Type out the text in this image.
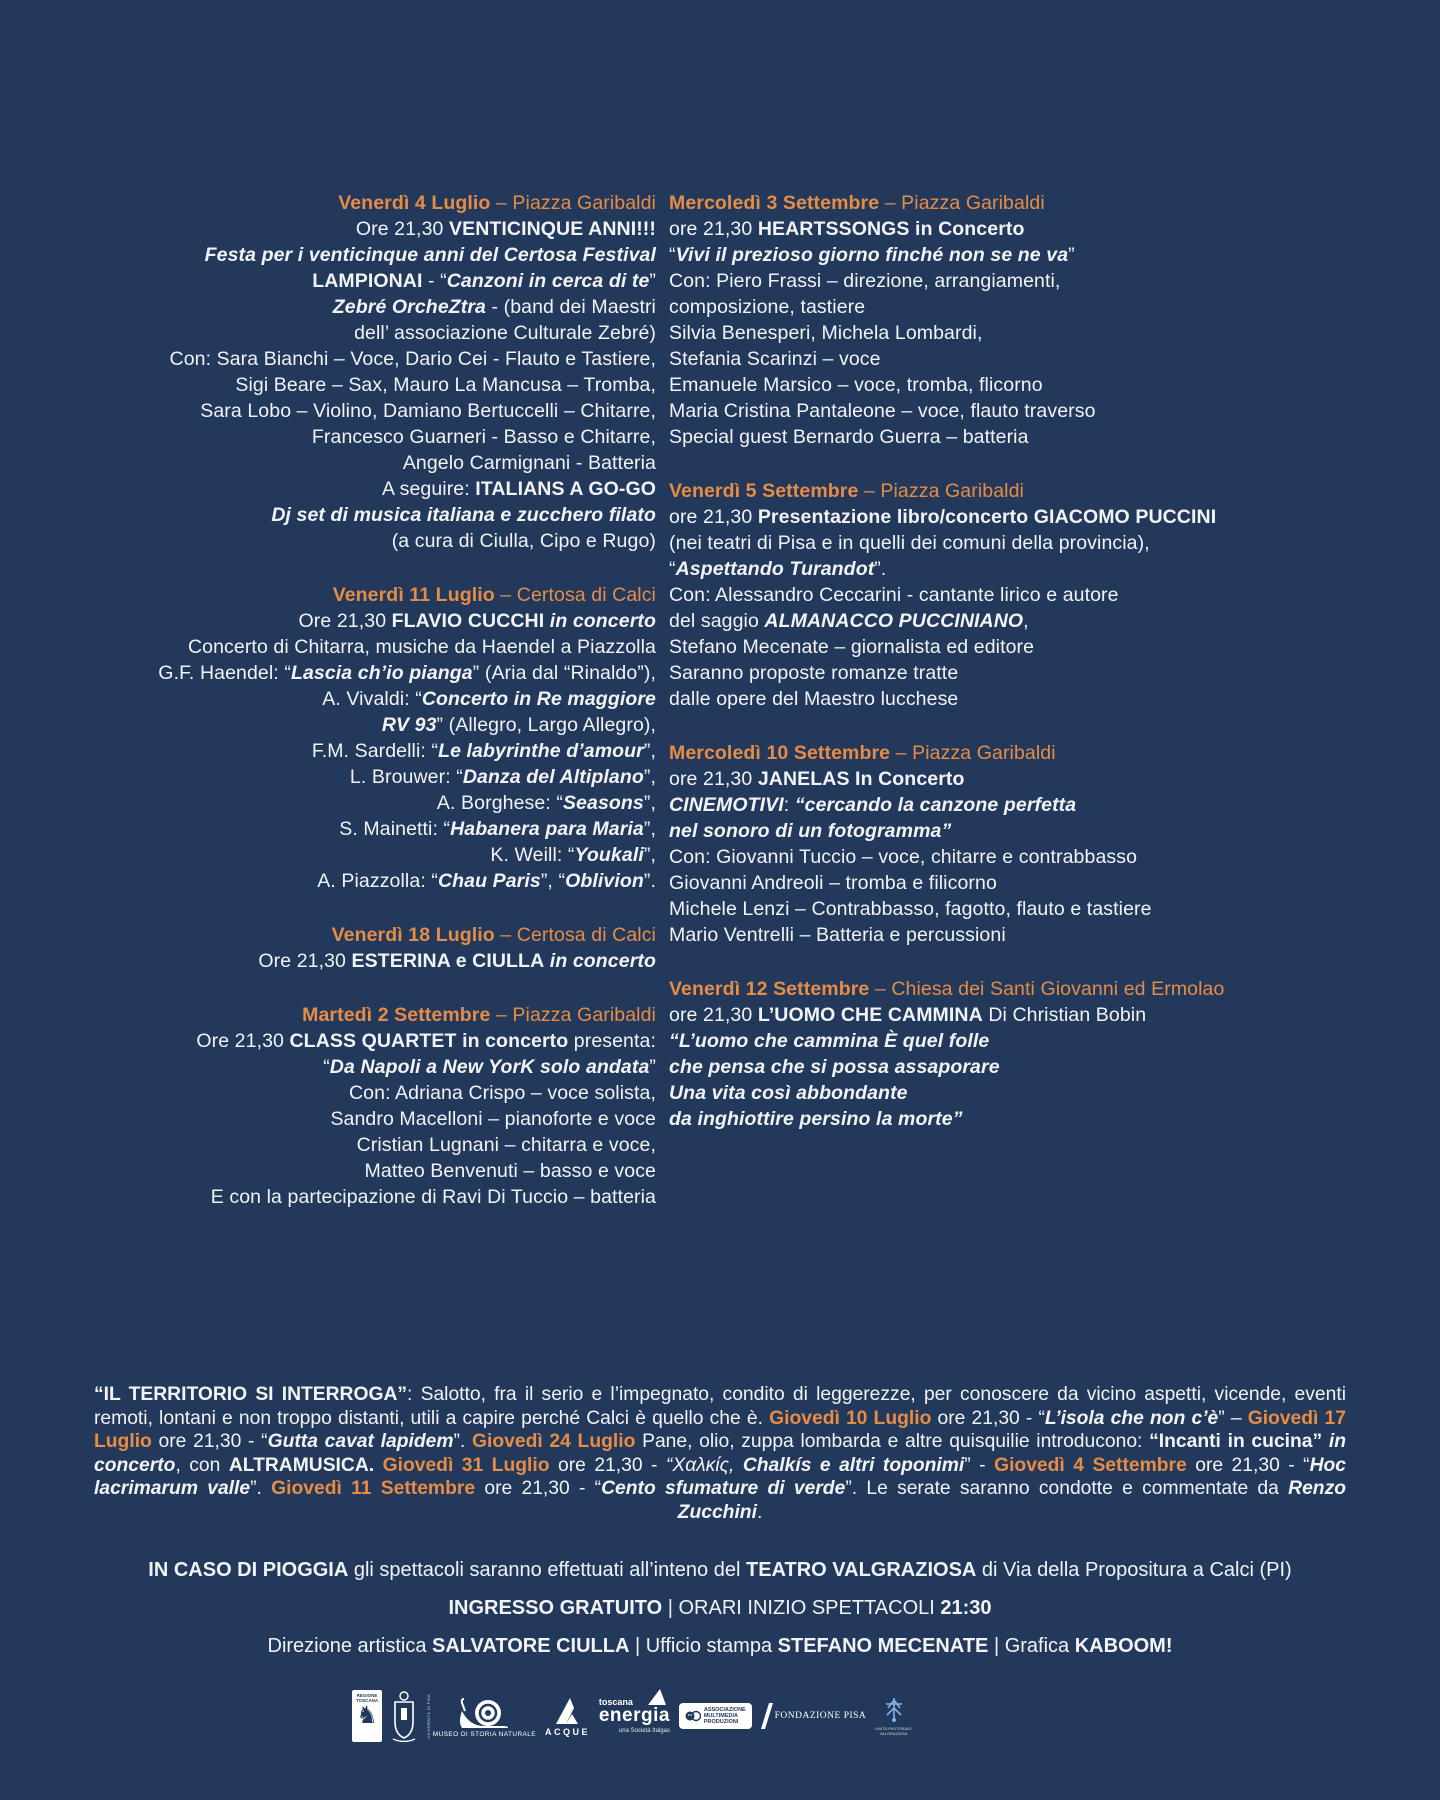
Venerdì 4 Luglio – Piazza Garibaldi
Ore 21,30 VENTICINQUE ANNI!!!
Festa per i venticinque anni del Certosa Festival
LAMPIONAI - “Canzoni in cerca di te”
Zebré OrcheZtra - (band dei Maestri
dell’ associazione Culturale Zebré)
Con: Sara Bianchi – Voce, Dario Cei - Flauto e Tastiere,
Sigi Beare – Sax, Mauro La Mancusa – Tromba,
Sara Lobo – Violino, Damiano Bertuccelli – Chitarre,
Francesco Guarneri - Basso e Chitarre,
Angelo Carmignani - Batteria
A seguire: ITALIANS A GO-GO
Dj set di musica italiana e zucchero filato
(a cura di Ciulla, Cipo e Rugo)
Venerdì 11 Luglio – Certosa di Calci
Ore 21,30 FLAVIO CUCCHI in concerto
Concerto di Chitarra, musiche da Haendel a Piazzolla
G.F. Haendel: “Lascia ch’io pianga” (Aria dal “Rinaldo”),
A. Vivaldi: “Concerto in Re maggiore
RV 93” (Allegro, Largo Allegro),
F.M. Sardelli: “Le labyrinthe d’amour”,
L. Brouwer: “Danza del Altiplano”,
A. Borghese: “Seasons”,
S. Mainetti: “Habanera para Maria”,
K. Weill: “Youkali”,
A. Piazzolla: “Chau Paris”, “Oblivion”.
Venerdì 18 Luglio – Certosa di Calci
Ore 21,30 ESTERINA e CIULLA in concerto
Martedì 2 Settembre – Piazza Garibaldi
Ore 21,30 CLASS QUARTET in concerto presenta:
“Da Napoli a New YorK solo andata”
Con: Adriana Crispo – voce solista,
Sandro Macelloni – pianoforte e voce
Cristian Lugnani – chitarra e voce,
Matteo Benvenuti – basso e voce
E con la partecipazione di Ravi Di Tuccio – batteria
Mercoledì 3 Settembre – Piazza Garibaldi
ore 21,30 HEARTSSONGS in Concerto
“Vivi il prezioso giorno finché non se ne va”
Con: Piero Frassi – direzione, arrangiamenti,
composizione, tastiere
Silvia Benesperi, Michela Lombardi,
Stefania Scarinzi – voce
Emanuele Marsico – voce, tromba, flicorno
Maria Cristina Pantaleone – voce, flauto traverso
Special guest Bernardo Guerra – batteria
Venerdì 5 Settembre – Piazza Garibaldi
ore 21,30 Presentazione libro/concerto GIACOMO PUCCINI
(nei teatri di Pisa e in quelli dei comuni della provincia),
“Aspettando Turandot”.
Con: Alessandro Ceccarini - cantante lirico e autore
del saggio ALMANACCO PUCCINIANO,
Stefano Mecenate – giornalista ed editore
Saranno proposte romanze tratte
dalle opere del Maestro lucchese
Mercoledì 10 Settembre – Piazza Garibaldi
ore 21,30 JANELAS In Concerto
CINEMOTIVI: “cercando la canzone perfetta
nel sonoro di un fotogramma”
Con: Giovanni Tuccio – voce, chitarre e contrabbasso
Giovanni Andreoli – tromba e filicorno
Michele Lenzi – Contrabbasso, fagotto, flauto e tastiere
Mario Ventrelli – Batteria e percussioni
Venerdì 12 Settembre – Chiesa dei Santi Giovanni ed Ermolao
ore 21,30 L’UOMO CHE CAMMINA Di Christian Bobin
“L’uomo che cammina È quel folle
che pensa che si possa assaporare
Una vita così abbondante
da inghiottire persino la morte”
“IL TERRITORIO SI INTERROGA”: Salotto, fra il serio e l’impegnato, condito di leggerezze, per conoscere da vicino aspetti, vicende, eventi remoti, lontani e non troppo distanti, utili a capire perché Calci è quello che è. Giovedì 10 Luglio ore 21,30 - “L’isola che non c’è” – Giovedì 17 Luglio ore 21,30 - “Gutta cavat lapidem”. Giovedì 24 Luglio Pane, olio, zuppa lombarda e altre quisquilie introducono: “Incanti in cucina” in concerto, con ALTRAMUSICA. Giovedì 31 Luglio ore 21,30 - “Χαλκίς, Chalkís e altri toponimi” - Giovedì 4 Settembre ore 21,30 - “Hoc lacrimarum valle”. Giovedì 11 Settembre ore 21,30 - “Cento sfumature di verde”. Le serate saranno condotte e commentate da Renzo Zucchini.
IN CASO DI PIOGGIA gli spettacoli saranno effettuati all’inteno del TEATRO VALGRAZIOSA di Via della Propositura a Calci (PI)
INGRESSO GRATUITO | ORARI INIZIO SPETTACOLI 21:30
Direzione artistica SALVATORE CIULLA | Ufficio stampa STEFANO MECENATE | Grafica KABOOM!
REGIONE
TOSCANA
♞	UNIVERSITÀ DI PISA MUSEO DI STORIA NATURALE ACQUE
toscana
energia
una Società Italgas
ASSOCIAZIONE
MULTIMEDIA
PRODUZIONI
FONDAZIONE PISA
UNITÀ PASTORALE
VALGRAZIOSA
